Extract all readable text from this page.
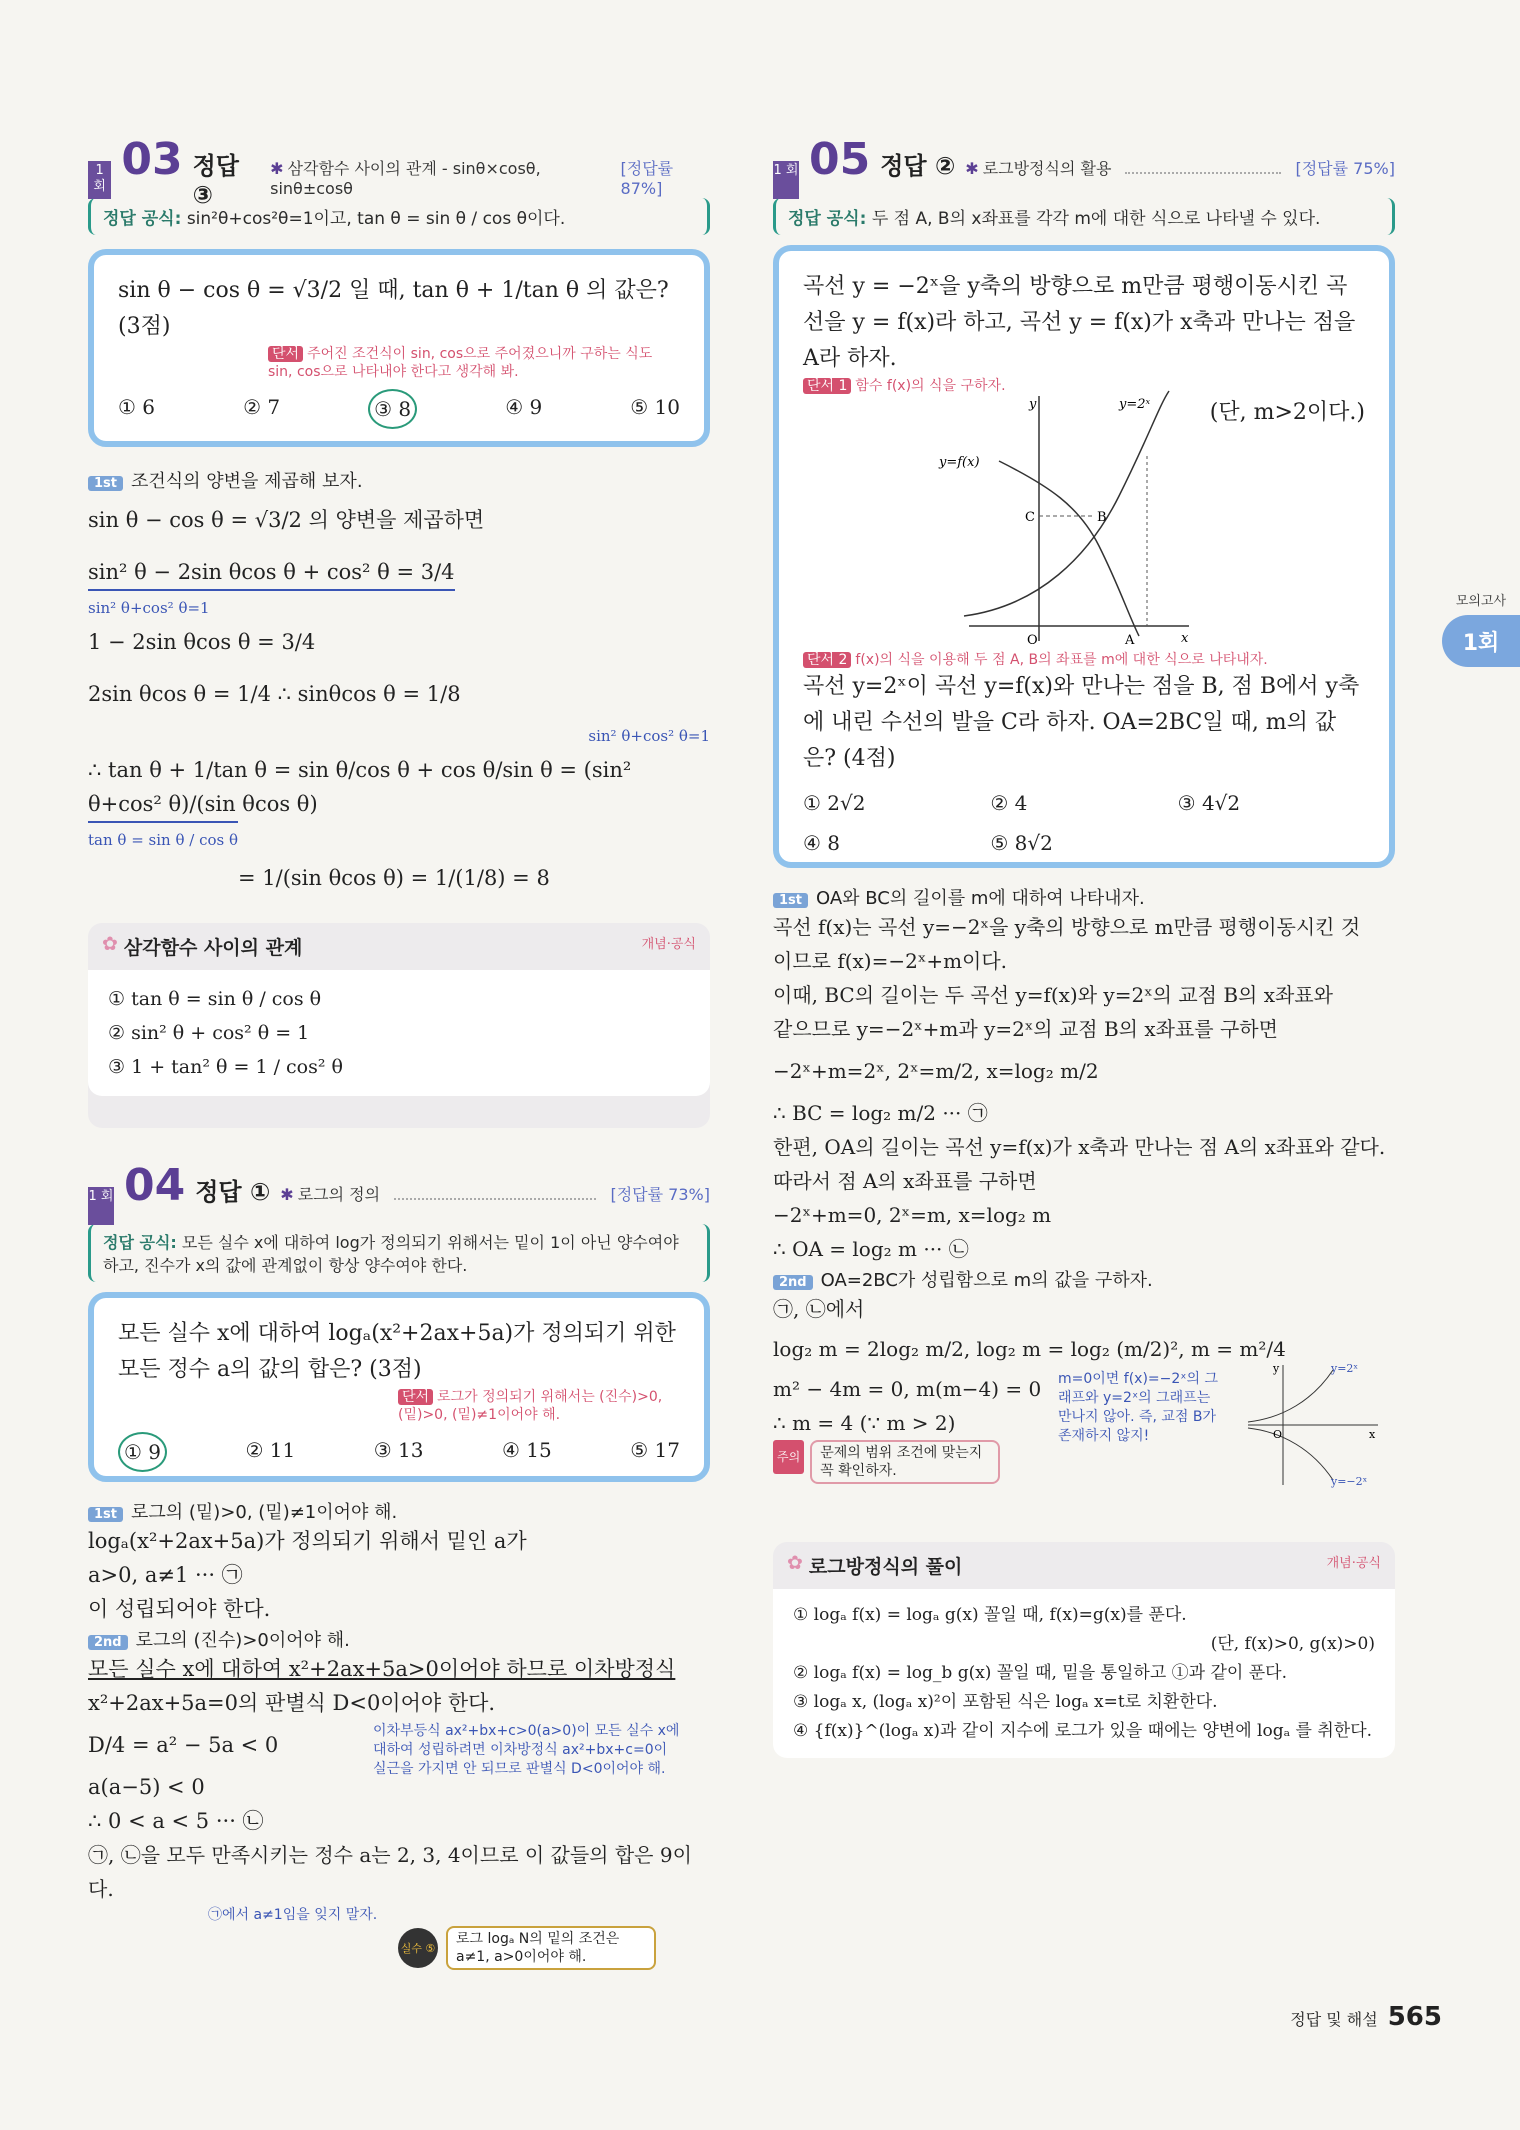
1 회
03 정답 ③
✱ 삼각함수 사이의 관계 - sinθ×cosθ, sinθ±cosθ
[정답률 87%]
정답 공식: sin²θ+cos²θ=1이고, tan θ = sin θ / cos θ이다.
sin θ − cos θ = √3/2 일 때, tan θ + 1/tan θ 의 값은? (3점)
단서 주어진 조건식이 sin, cos으로 주어졌으니까 구하는 식도 sin, cos으로 나타내야 한다고 생각해 봐.
① 6	② 7	③ 8	④ 9	⑤ 10
1st 조건식의 양변을 제곱해 보자.
sin θ − cos θ = √3/2 의 양변을 제곱하면
sin² θ − 2sin θcos θ + cos² θ = 3/4
sin² θ+cos² θ=1
1 − 2sin θcos θ = 3/4
2sin θcos θ = 1/4 ∴ sinθcos θ = 1/8
sin² θ+cos² θ=1
∴ tan θ + 1/tan θ = sin θ/cos θ + cos θ/sin θ = (sin² θ+cos² θ)/(sin θcos θ)
tan θ = sin θ / cos θ
= 1/(sin θcos θ) = 1/(1/8) = 8
✿ 삼각함수 사이의 관계	개념·공식
① tan θ = sin θ / cos θ
② sin² θ + cos² θ = 1
③ 1 + tan² θ = 1 / cos² θ
1 회 04 정답 ①	✱ 로그의 정의	[정답률 73%]
정답 공식: 모든 실수 x에 대하여 log가 정의되기 위해서는 밑이 1이 아닌 양수여야 하고, 진수가 x의 값에 관계없이 항상 양수여야 한다.
모든 실수 x에 대하여 logₐ(x²+2ax+5a)가 정의되기 위한 모든 정수 a의 값의 합은? (3점)
단서 로그가 정의되기 위해서는 (진수)>0, (밑)>0, (밑)≠1이어야 해.
① 9	② 11	③ 13	④ 15	⑤ 17
1st 로그의 (밑)>0, (밑)≠1이어야 해.
logₐ(x²+2ax+5a)가 정의되기 위해서 밑인 a가
a>0, a≠1 ··· ㉠
이 성립되어야 한다.
2nd 로그의 (진수)>0이어야 해.
모든 실수 x에 대하여 x²+2ax+5a>0이어야 하므로 이차방정식
x²+2ax+5a=0의 판별식 D<0이어야 한다.
D/4 = a² − 5a < 0
a(a−5) < 0
∴ 0 < a < 5 ··· ㉡
㉠, ㉡을 모두 만족시키는 정수 a는 2, 3, 4이므로 이 값들의 합은 9이다.
이차부등식 ax²+bx+c>0(a>0)이 모든 실수 x에 대하여 성립하려면 이차방정식 ax²+bx+c=0이 실근을 가지면 안 되므로 판별식 D<0이어야 해.
㉠에서 a≠1임을 잊지 말자.
실수 ⑤
로그 logₐ N의 밑의 조건은 a≠1, a>0이어야 해.
1 회 05 정답 ②	✱ 로그방정식의 활용	[정답률 75%]
정답 공식: 두 점 A, B의 x좌표를 각각 m에 대한 식으로 나타낼 수 있다.
곡선 y = −2ˣ을 y축의 방향으로 m만큼 평행이동시킨 곡선을 y = f(x)라 하고, 곡선 y = f(x)가 x축과 만나는 점을 A라 하자.
단서 1 함수 f(x)의 식을 구하자.
(단, m>2이다.)
y
x
O
y=2ˣ
y=f(x)
C	B
A
단서 2 f(x)의 식을 이용해 두 점 A, B의 좌표를 m에 대한 식으로 나타내자.
곡선 y=2ˣ이 곡선 y=f(x)와 만나는 점을 B, 점 B에서 y축에 내린 수선의 발을 C라 하자. OA=2BC일 때, m의 값은? (4점)
① 2√2	② 4	③ 4√2
④ 8	⑤ 8√2
1st OA와 BC의 길이를 m에 대하여 나타내자.
곡선 f(x)는 곡선 y=−2ˣ을 y축의 방향으로 m만큼 평행이동시킨 것
이므로 f(x)=−2ˣ+m이다.
이때, BC의 길이는 두 곡선 y=f(x)와 y=2ˣ의 교점 B의 x좌표와
같으므로 y=−2ˣ+m과 y=2ˣ의 교점 B의 x좌표를 구하면
−2ˣ+m=2ˣ, 2ˣ=m/2, x=log₂ m/2
∴ BC = log₂ m/2 ··· ㉠
한편, OA의 길이는 곡선 y=f(x)가 x축과 만나는 점 A의 x좌표와 같다.
따라서 점 A의 x좌표를 구하면
−2ˣ+m=0, 2ˣ=m, x=log₂ m
∴ OA = log₂ m ··· ㉡
2nd OA=2BC가 성립함으로 m의 값을 구하자.
㉠, ㉡에서
log₂ m = 2log₂ m/2, log₂ m = log₂ (m/2)², m = m²/4
m² − 4m = 0, m(m−4) = 0
∴ m = 4 (∵ m > 2)
m=0이면 f(x)=−2ˣ의 그래프와 y=2ˣ의 그래프는 만나지 않아. 즉, 교점 B가 존재하지 않지!
주의	문제의 범위 조건에 맞는지 꼭 확인하자.
y=2ˣ
y=−2ˣ
O	x
y
✿ 로그방정식의 풀이	개념·공식
① logₐ f(x) = logₐ g(x) 꼴일 때, f(x)=g(x)를 푼다.
(단, f(x)>0, g(x)>0)
② logₐ f(x) = log_b g(x) 꼴일 때, 밑을 통일하고 ①과 같이 푼다.
③ logₐ x, (logₐ x)²이 포함된 식은 logₐ x=t로 치환한다.
④ {f(x)}^(logₐ x)과 같이 지수에 로그가 있을 때에는 양변에 logₐ 를 취한다.
모의고사
1회
정답 및 해설 565
